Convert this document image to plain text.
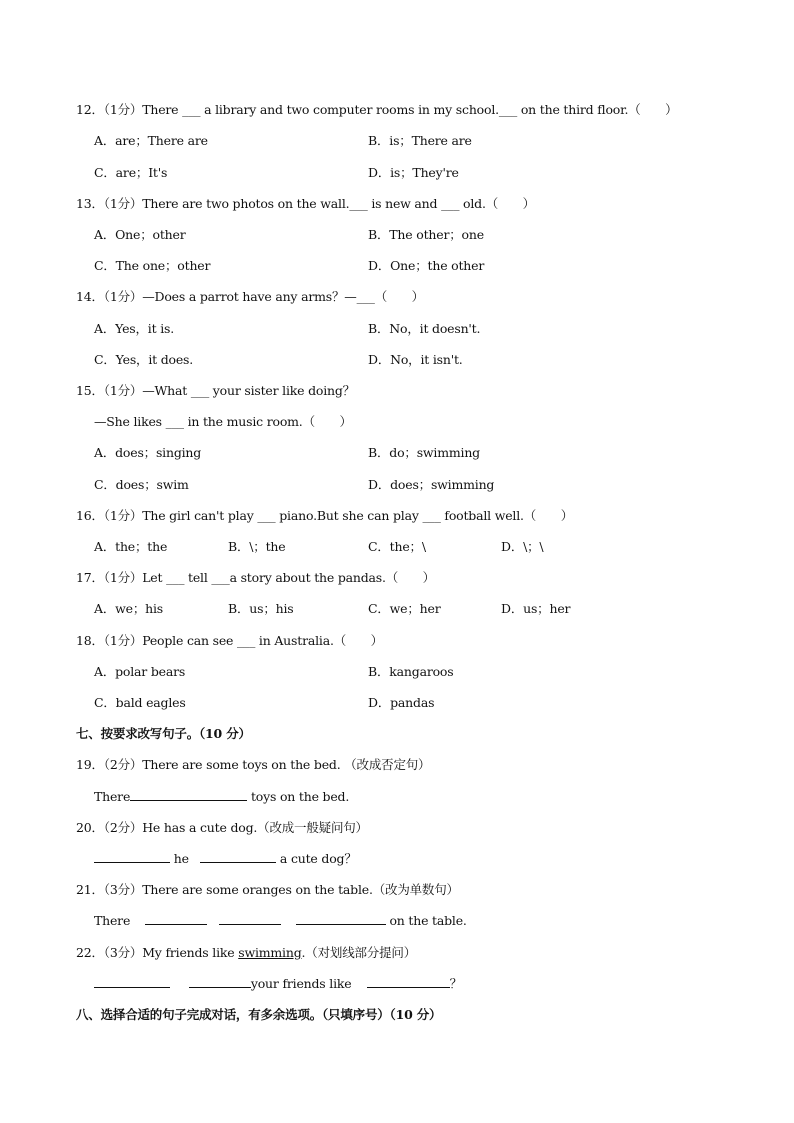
12．（1分）There ___ a library and two computer rooms in my school.___ on the third floor.（　　）
A．are；There are	B．is；There are
C．are；It's	D．is；They're
13．（1分）There are two photos on the wall.___ is new and ___ old.（　　）
A．One；other	B．The other；one
C．The one；other	D．One；the other
14．（1分）—Does a parrot have any arms？—___（　　）
A．Yes，it is.	B．No，it doesn't.
C．Yes，it does.	D．No，it isn't.
15．（1分）—What ___ your sister like doing？
—She likes ___ in the music room.（　　）
A．does；singing	B．do；swimming
C．does；swim	D．does；swimming
16．（1分）The girl can't play ___ piano.But she can play ___ football well.（　　）
A．the；the	B．\；the	C．the；\	D．\；\
17．（1分）Let ___ tell ___a story about the pandas.（　　）
A．we；his	B．us；his	C．we；her	D．us；her
18．（1分）People can see ___ in Australia.（　　）
A．polar bears	B．kangaroos
C．bald eagles	D．pandas
七、按要求改写句子。（10 分）
19．（2分）There are some toys on the bed. （改成否定句）
There	toys on the bed.
20．（2分）He has a cute dog.（改成一般疑问句）
he	a cute dog？
21．（3分）There are some oranges on the table.（改为单数句）
There	on the table.
22．（3分）My friends like swimming.（对划线部分提问）
your friends like	？
八、选择合适的句子完成对话，有多余选项。（只填序号）（10 分）
